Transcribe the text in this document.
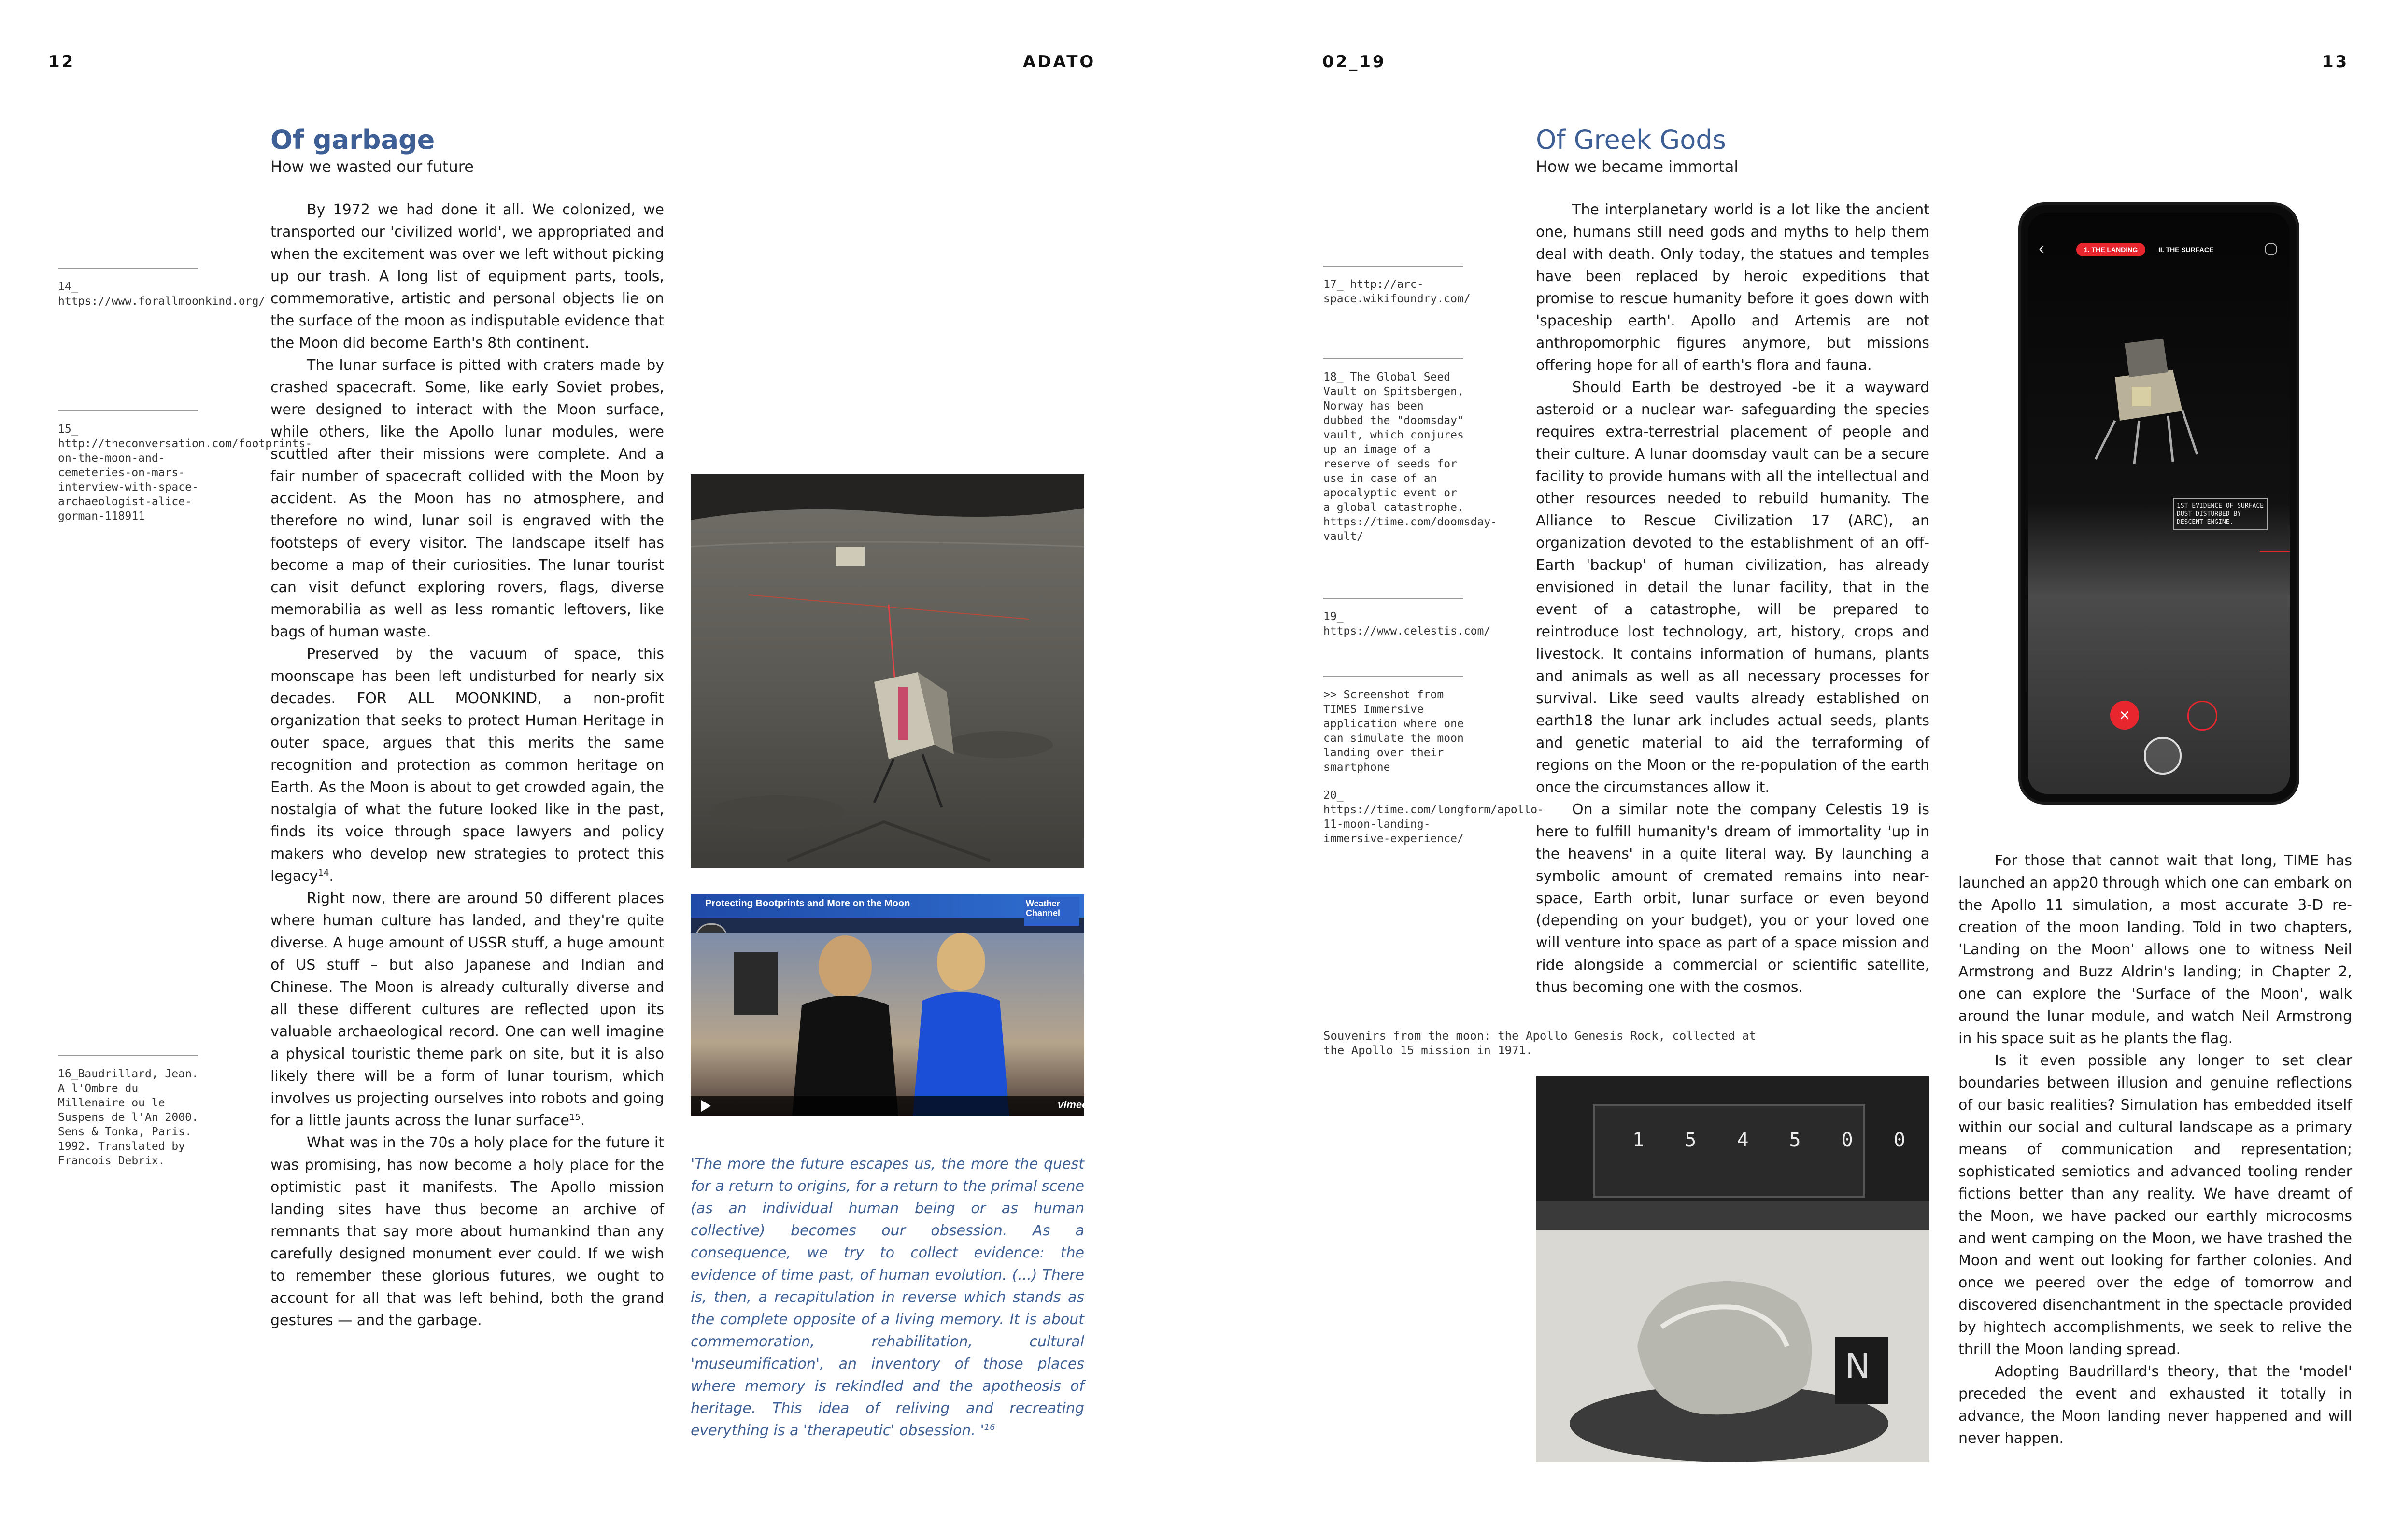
12	ADATO	02_19	13
Of garbage
How we wasted our future

By 1972 we had done it all. We colonized, we transported our 'civilized world', we appropriated and when the excitement was over we left without picking up our trash. A long list of equipment parts, tools, commemorative, artistic and personal objects lie on the surface of the moon as indisputable evidence that the Moon did become Earth's 8th continent.

The lunar surface is pitted with craters made by crashed spacecraft. Some, like early Soviet probes, were designed to interact with the Moon surface, while others, like the Apollo lunar modules, were scuttled after their missions were complete. And a fair number of spacecraft collided with the Moon by accident. As the Moon has no atmosphere, and therefore no wind, lunar soil is engraved with the footsteps of every visitor. The landscape itself has become a map of their curiosities. The lunar tourist can visit defunct exploring rovers, flags, diverse memorabilia as well as less romantic leftovers, like bags of human waste.

Preserved by the vacuum of space, this moonscape has been left undisturbed for nearly six decades. FOR ALL MOONKIND, a non-profit organization that seeks to protect Human Heritage in outer space, argues that this merits the same recognition and protection as common heritage on Earth. As the Moon is about to get crowded again, the nostalgia of what the future looked like in the past, finds its voice through space lawyers and policy makers who develop new strategies to protect this legacy$^{14}$.

Right now, there are around 50 different places where human culture has landed, and they're quite diverse. A huge amount of USSR stuff, a huge amount of US stuff – but also Japanese and Indian and Chinese. The Moon is already culturally diverse and all these different cultures are reflected upon its valuable archaeological record. One can well imagine a physical touristic theme park on site, but it is also likely there will be a form of lunar tourism, which involves us projecting ourselves into robots and going for a little jaunts across the lunar surface$^{15}$.

What was in the 70s a holy place for the future it was promising, has now become a holy place for the optimistic past it manifests. The Apollo mission landing sites have thus become an archive of remnants that say more about humankind than any carefully designed monument ever could. If we wish to remember these glorious futures, we ought to account for all that was left behind, both the grand gestures — and the garbage.

14_ https://www.forallmoonkind.org/
15_ http://theconversation.com/footprints-on-the-moon-and-cemeteries-on-mars-interview-with-space-archaeologist-alice-gorman-118911
16_Baudrillard, Jean. A l'Ombre du Millenaire ou le Suspens de l'An 2000. Sens & Tonka, Paris. 1992. Translated by Francois Debrix.
Protecting Bootprints and More on the Moon	Weather Channel
vimeo
'The more the future escapes us, the more the quest for a return to origins, for a return to the primal scene (as an individual human being or as human collective) becomes our obsession. As a consequence, we try to collect evidence: the evidence of time past, of human evolution. (...) There is, then, a recapitulation in reverse which stands as the complete opposite of a living memory. It is about commemoration, rehabilitation, cultural 'museumification', an inventory of those places where memory is rekindled and the apotheosis of heritage. This idea of reliving and recreating everything is a 'therapeutic' obsession. '$^{16}$
Of Greek Gods
How we became immortal

The interplanetary world is a lot like the ancient one, humans still need gods and myths to help them deal with death. Only today, the statues and temples have been replaced by heroic expeditions that promise to rescue humanity before it goes down with 'spaceship earth'. Apollo and Artemis are not anthropomorphic figures anymore, but missions offering hope for all of earth's flora and fauna.

Should Earth be destroyed -be it a wayward asteroid or a nuclear war- safeguarding the species requires extra-terrestrial placement of people and their culture. A lunar doomsday vault can be a secure facility to provide humans with all the intellectual and other resources needed to rebuild humanity. The Alliance to Rescue Civilization 17 (ARC), an organization devoted to the establishment of an off-Earth 'backup' of human civilization, has already envisioned in detail the lunar facility, that in the event of a catastrophe, will be prepared to reintroduce lost technology, art, history, crops and livestock. It contains information of humans, plants and animals as well as all necessary processes for survival. Like seed vaults already established on earth18 the lunar ark includes actual seeds, plants and genetic material to aid the terraforming of regions on the Moon or the re-population of the earth once the circumstances allow it.

On a similar note the company Celestis 19 is here to fulfill humanity's dream of immortality 'up in the heavens' in a quite literal way. By launching a symbolic amount of cremated remains into near-space, Earth orbit, lunar surface or even beyond (depending on your budget), you or your loved one will venture into space as part of a space mission and ride alongside a commercial or scientific satellite, thus becoming one with the cosmos.

For those that cannot wait that long, TIME has launched an app20 through which one can embark on the Apollo 11 simulation, a most accurate 3-D re-creation of the moon landing. Told in two chapters, 'Landing on the Moon' allows one to witness Neil Armstrong and Buzz Aldrin's landing; in Chapter 2, one can explore the 'Surface of the Moon', walk around the lunar module, and watch Neil Armstrong in his space suit as he plants the flag.

Is it even possible any longer to set clear boundaries between illusion and genuine reflections of our basic realities? Simulation has embedded itself within our social and cultural landscape as a primary means of communication and representation; sophisticated semiotics and advanced tooling render fictions better than any reality. We have dreamt of the Moon, we have packed our earthly microcosms and went camping on the Moon, we have trashed the Moon and went out looking for farther colonies. And once we peered over the edge of tomorrow and discovered disenchantment in the spectacle provided by hightech accomplishments, we seek to relive the thrill the Moon landing spread.

Adopting Baudrillard's theory, that the 'model' preceded the event and exhausted it totally in advance, the Moon landing never happened and will never happen.

17_ http://arc-space.wikifoundry.com/
18_ The Global Seed Vault on Spitsbergen, Norway has been dubbed the "doomsday" vault, which conjures up an image of a reserve of seeds for use in case of an apocalyptic event or a global catastrophe. https://time.com/doomsday-vault/
19_ https://www.celestis.com/
>> Screenshot from TIMES Immersive application where one can simulate the moon landing over their smartphone
20_ https://time.com/longform/apollo-11-moon-landing-immersive-experience/
‹	1. THE LANDING	II. THE SURFACE
1ST EVIDENCE OF SURFACE DUST DISTURBED BY DESCENT ENGINE.
×
Souvenirs from the moon: the Apollo Genesis Rock, collected at the Apollo 15 mission in 1971.
1 5 4 5 0 0
N
